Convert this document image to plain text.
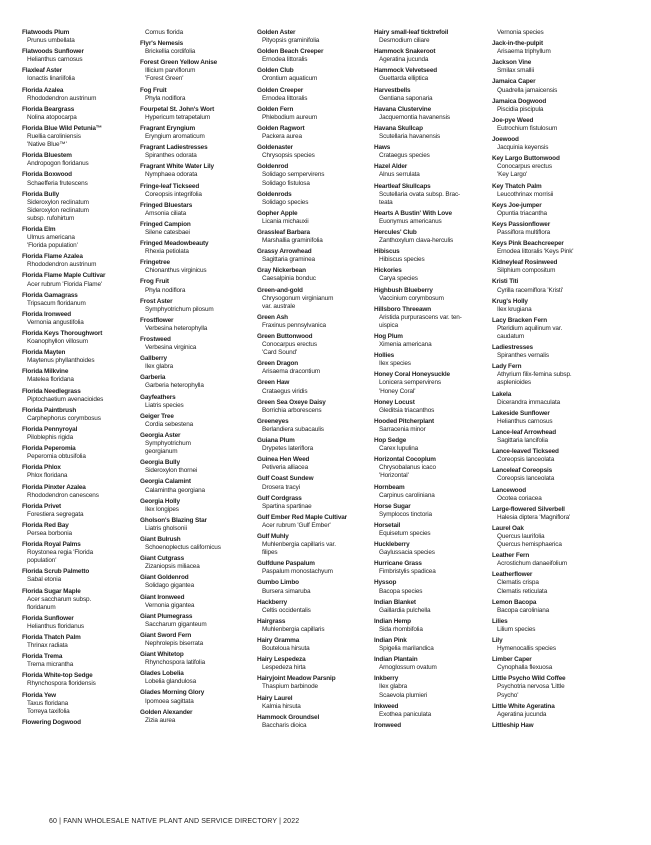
Flatwoods Plum
Prunus umbellata
Flatwoods Sunflower
Helianthus carnosus
Flaxleaf Aster
Ionactis linariifolia
Florida Azalea
Rhododendron austrinum
Florida Beargrass
Nolina atopocarpa
Florida Blue Wild Petunia™
Ruellia caroliniensis
'Native Blue™'
Florida Bluestem
Andropogon floridanus
Florida Boxwood
Schaefferia frutescens
Florida Bully
Sideroxylon reclinatum
Sideroxylon reclinatum
subsp. rufohirtum
Florida Elm
Ulmus americana
'Florida population'
Florida Flame Azalea
Rhododendron austrinum
Florida Flame Maple Cultivar
Acer rubrum 'Florida Flame'
Florida Gamagrass
Tripsacum floridanum
Florida Ironweed
Vernonia angustifolia
Florida Keys Thoroughwort
Koanophyllon villosum
Florida Mayten
Maytenus phyllanthoides
Florida Milkvine
Matelea floridana
Florida Needlegrass
Piptochaetium avenacioides
Florida Paintbrush
Carphephorus corymbosus
Florida Pennyroyal
Piloblephis rigida
Florida Peperomia
Peperomia obtusifolia
Florida Phlox
Phlox floridana
Florida Pinxter Azalea
Rhododendron canescens
Florida Privet
Forestiera segregata
Florida Red Bay
Persea borbonia
Florida Royal Palms
Roystonea regia 'Florida
population'
Florida Scrub Palmetto
Sabal etonia
Florida Sugar Maple
Acer saccharum subsp.
floridanum
Florida Sunflower
Helianthus floridanus
Florida Thatch Palm
Thrinax radiata
Florida Trema
Trema micrantha
Florida White-top Sedge
Rhynchospora floridensis
Florida Yew
Taxus floridana
Torreya taxifolia
Flowering Dogwood
Cornus florida
Flyr's Nemesis
Brickellia cordifolia
Forest Green Yellow Anise
Illicium parviflorum
'Forest Green'
Fog Fruit
Phyla nodiflora
Fourpetal St. John's Wort
Hypericum tetrapetalum
Fragrant Eryngium
Eryngium aromaticum
Fragrant Ladiestresses
Spiranthes odorata
Fragrant White Water Lily
Nymphaea odorata
Fringe-leaf Tickseed
Coreopsis integrifolia
Fringed Bluestars
Amsonia ciliata
Fringed Campion
Silene catesbaei
Fringed Meadowbeauty
Rhexia petiolata
Fringetree
Chionanthus virginicus
Frog Fruit
Phyla nodiflora
Frost Aster
Symphyotrichum pilosum
Frostflower
Verbesina heterophylla
Frostweed
Verbesina virginica
Gallberry
Ilex glabra
Garberia
Garberia heterophylla
Gayfeathers
Liatris species
Geiger Tree
Cordia sebestena
Georgia Aster
Symphyotrichum
georgianum
Georgia Bully
Sideroxylon thornei
Georgia Calamint
Calamintha georgiana
Georgia Holly
Ilex longipes
Gholson's Blazing Star
Liatris gholsonii
Giant Bulrush
Schoenoplectus californicus
Giant Cutgrass
Zizaniopsis miliacea
Giant Goldenrod
Solidago gigantea
Giant Ironweed
Vernonia gigantea
Giant Plumegrass
Saccharum giganteum
Giant Sword Fern
Nephrolepis biserrata
Giant Whitetop
Rhynchospora latifolia
Glades Lobelia
Lobelia glandulosa
Glades Morning Glory
Ipomoea sagittata
Golden Alexander
Zizia aurea
Golden Aster
Pityopsis graminifolia
Golden Beach Creeper
Ernodea littoralis
Golden Club
Orontium aquaticum
Golden Creeper
Ernodea littoralis
Golden Fern
Phlebodium aureum
Golden Ragwort
Packera aurea
Goldenaster
Chrysopsis species
Goldenrod
Solidago sempervirens
Solidago fistulosa
Goldenrods
Solidago species
Gopher Apple
Licania michauxii
Grassleaf Barbara
Marshallia graminifolia
Grassy Arrowhead
Sagittaria graminea
Gray Nickerbean
Caesalpinia bonduc
Green-and-gold
Chrysogonum virginianum
var. australe
Green Ash
Fraxinus pennsylvanica
Green Buttonwood
Conocarpus erectus
'Card Sound'
Green Dragon
Arisaema dracontium
Green Haw
Crataegus viridis
Green Sea Oxeye Daisy
Borrichia arborescens
Greeneyes
Berlandiera subacaulis
Guiana Plum
Drypetes lateriflora
Guinea Hen Weed
Petiveria alliacea
Gulf Coast Sundew
Drosera tracyi
Gulf Cordgrass
Spartina spartinae
Gulf Ember Red Maple Cultivar
Acer rubrum 'Gulf Ember'
Gulf Muhly
Muhlenbergia capillaris var.
filipes
Gulfdune Paspalum
Paspalum monostachyum
Gumbo Limbo
Bursera simaruba
Hackberry
Celtis occidentalis
Hairgrass
Muhlenbergia capillaris
Hairy Gramma
Bouteloua hirsuta
Hairy Lespedeza
Lespedeza hirta
Hairyjoint Meadow Parsnip
Thaspium barbinode
Hairy Laurel
Kalmia hirsuta
Hammock Groundsel
Baccharis dioica
Hairy small-leaf ticktrefoil
Desmodium ciliare
Hammock Snakeroot
Ageratina jucunda
Hammock Velvetseed
Guettarda elliptica
Harvestbells
Gentiana saponaria
Havana Clustervine
Jacquemontia havanensis
Havana Skullcap
Scutellaria havanensis
Haws
Crataegus species
Hazel Alder
Alnus serrulata
Heartleaf Skullcaps
Scutellaria ovata subsp. Brac-
teata
Hearts A Bustin' With Love
Euonymus americanus
Hercules' Club
Zanthoxylum clava-herculis
Hibiscus
Hibiscus species
Hickories
Carya species
Highbush Blueberry
Vaccinium corymbosum
Hillsboro Threeawn
Aristida purpurascens var. ten-
uispica
Hog Plum
Ximenia americana
Hollies
Ilex species
Honey Coral Honeysuckle
Lonicera sempervirens
'Honey Coral'
Honey Locust
Gleditsia triacanthos
Hooded Pitcherplant
Sarracenia minor
Hop Sedge
Carex lupulina
Horizontal Cocoplum
Chrysobalanus icaco
'Horizontal'
Hornbeam
Carpinus caroliniana
Horse Sugar
Symplocos tinctoria
Horsetail
Equisetum species
Huckleberry
Gaylussacia species
Hurricane Grass
Fimbristylis spadicea
Hyssop
Bacopa species
Indian Blanket
Gaillardia pulchella
Indian Hemp
Sida rhombifolia
Indian Pink
Spigelia marilandica
Indian Plantain
Arnoglossum ovatum
Inkberry
Ilex glabra
Scaevola plumieri
Inkweed
Exothea paniculata
Ironweed
Vernonia species
Jack-in-the-pulpit
Arisaema triphyllum
Jackson Vine
Smilax smallii
Jamaica Caper
Quadrella jamaicensis
Jamaica Dogwood
Piscidia piscipula
Joe-pye Weed
Eutrochium fistulosum
Joewood
Jacquinia keyensis
Key Largo Buttonwood
Conocarpus erectus
'Key Largo'
Key Thatch Palm
Leucothrinax morrisii
Keys Joe-jumper
Opuntia triacantha
Keys Passionflower
Passiflora multiflora
Keys Pink Beachcreeper
Ernodea littoralis 'Keys Pink'
Kidneyleaf Rosinweed
Silphium compositum
Kristi Titi
Cyrilla racemiflora 'Kristi'
Krug's Holly
Ilex krugiana
Lacy Bracken Fern
Pteridium aquilinum var.
caudatum
Ladiestresses
Spiranthes vernalis
Lady Fern
Athyrium filix-femina subsp.
asplenioides
Lakela
Dicerandra immaculata
Lakeside Sunflower
Helianthus carnosus
Lance-leaf Arrowhead
Sagittaria lancifolia
Lance-leaved Tickseed
Coreopsis lanceolata
Lanceleaf Coreopsis
Coreopsis lanceolata
Lancewood
Ocotea coriacea
Large-flowered Silverbell
Halesia diptera 'Magniflora'
Laurel Oak
Quercus laurifolia
Quercus hemisphaerica
Leather Fern
Acrostichum danaeifolium
Leatherflower
Clematis crispa
Clematis reticulata
Lemon Bacopa
Bacopa caroliniana
Lilies
Lilium species
Lily
Hymenocallis species
Limber Caper
Cynophalla flexuosa
Little Psycho Wild Coffee
Psychotria nervosa 'Little
Psycho'
Little White Ageratina
Ageratina jucunda
Littleship Haw
60 | FANN WHOLESALE NATIVE PLANT AND SERVICE DIRECTORY | 2022
